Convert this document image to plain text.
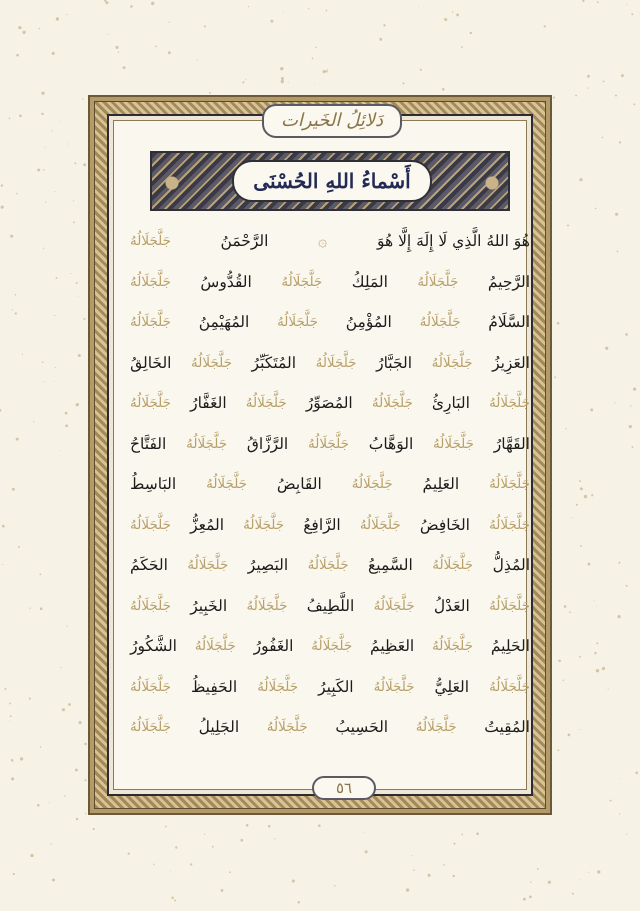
دَلائِلُ الخَيرات
أَسْماءُ اللهِ الحُسْنَى
هُوَ اللهُ الَّذِي لَا إِلَهَ إِلَّا هُوَ
۞
الرَّحْمَنُ
جَلَّجَلَالُهُ
الرَّحِيمُ
جَلَّجَلَالُهُ
المَلِكُ
جَلَّجَلَالُهُ
القُدُّوسُ
جَلَّجَلَالُهُ
السَّلَامُ
جَلَّجَلَالُهُ
المُؤْمِنُ
جَلَّجَلَالُهُ
المُهَيْمِنُ
جَلَّجَلَالُهُ
العَزِيزُ
جَلَّجَلَالُهُ
الجَبَّارُ
جَلَّجَلَالُهُ
المُتَكَبِّرُ
جَلَّجَلَالُهُ
الخَالِقُ
جَلَّجَلَالُهُ
البَارِئُ
جَلَّجَلَالُهُ
المُصَوِّرُ
جَلَّجَلَالُهُ
الغَفَّارُ
جَلَّجَلَالُهُ
القَهَّارُ
جَلَّجَلَالُهُ
الوَهَّابُ
جَلَّجَلَالُهُ
الرَّزَّاقُ
جَلَّجَلَالُهُ
الفَتَّاحُ
جَلَّجَلَالُهُ
العَلِيمُ
جَلَّجَلَالُهُ
القَابِضُ
جَلَّجَلَالُهُ
البَاسِطُ
جَلَّجَلَالُهُ
الخَافِضُ
جَلَّجَلَالُهُ
الرَّافِعُ
جَلَّجَلَالُهُ
المُعِزُّ
جَلَّجَلَالُهُ
المُذِلُّ
جَلَّجَلَالُهُ
السَّمِيعُ
جَلَّجَلَالُهُ
البَصِيرُ
جَلَّجَلَالُهُ
الحَكَمُ
جَلَّجَلَالُهُ
العَدْلُ
جَلَّجَلَالُهُ
اللَّطِيفُ
جَلَّجَلَالُهُ
الخَبِيرُ
جَلَّجَلَالُهُ
الحَلِيمُ
جَلَّجَلَالُهُ
العَظِيمُ
جَلَّجَلَالُهُ
الغَفُورُ
جَلَّجَلَالُهُ
الشَّكُورُ
جَلَّجَلَالُهُ
العَلِيُّ
جَلَّجَلَالُهُ
الكَبِيرُ
جَلَّجَلَالُهُ
الحَفِيظُ
جَلَّجَلَالُهُ
المُقِيتُ
جَلَّجَلَالُهُ
الحَسِيبُ
جَلَّجَلَالُهُ
الجَلِيلُ
جَلَّجَلَالُهُ
٥٦
